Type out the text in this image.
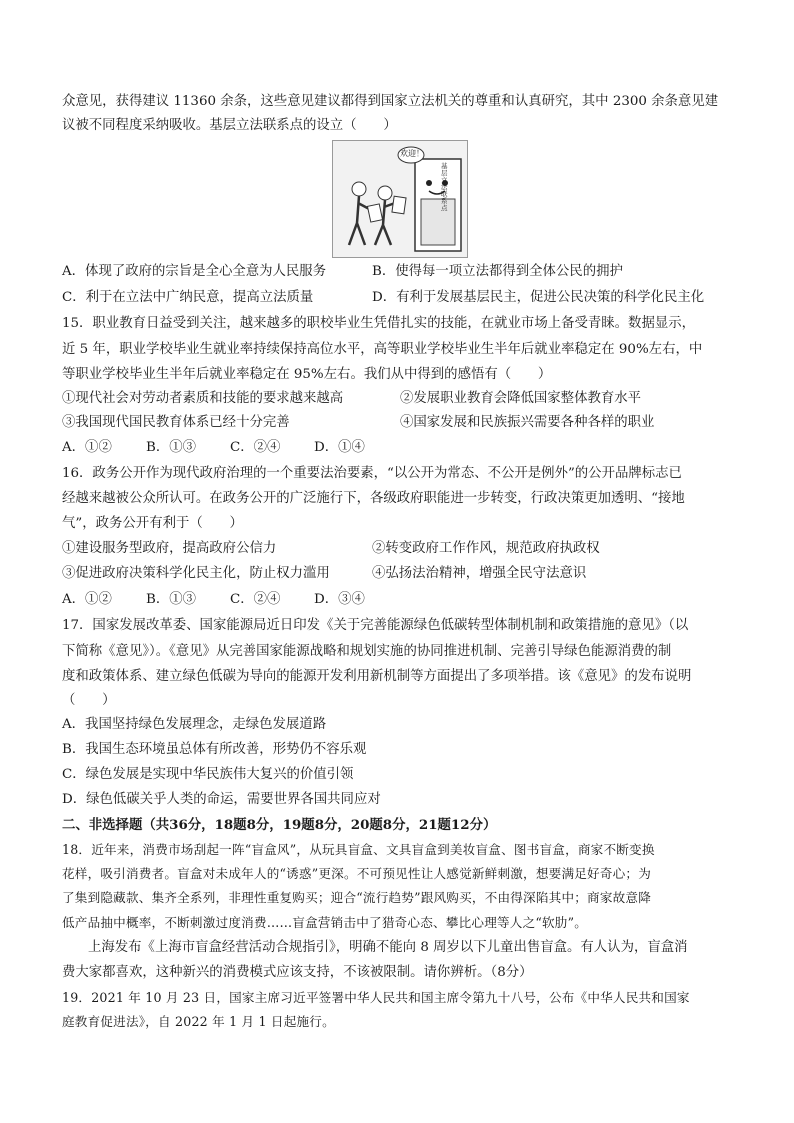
众意见，获得建议 11360 余条，这些意见建议都得到国家立法机关的尊重和认真研究，其中 2300 余条意见建
议被不同程度采纳吸收。基层立法联系点的设立（　　）
欢迎！
基层立法联系点
A．体现了政府的宗旨是全心全意为人民服务	B．使得每一项立法都得到全体公民的拥护
C．利于在立法中广纳民意，提高立法质量	D．有利于发展基层民主，促进公民决策的科学化民主化
15．职业教育日益受到关注，越来越多的职校毕业生凭借扎实的技能，在就业市场上备受青睐。数据显示，
近 5 年，职业学校毕业生就业率持续保持高位水平，高等职业学校毕业生半年后就业率稳定在 90%左右，中
等职业学校毕业生半年后就业率稳定在 95%左右。我们从中得到的感悟有（　　）
①现代社会对劳动者素质和技能的要求越来越高	②发展职业教育会降低国家整体教育水平
③我国现代国民教育体系已经十分完善	④国家发展和民族振兴需要各种各样的职业
A．①②	B．①③	C．②④	D．①④
16．政务公开作为现代政府治理的一个重要法治要素，“以公开为常态、不公开是例外”的公开品牌标志已
经越来越被公众所认可。在政务公开的广泛施行下，各级政府职能进一步转变，行政决策更加透明、“接地
气”，政务公开有利于（　　）
①建设服务型政府，提高政府公信力	②转变政府工作作风，规范政府执政权
③促进政府决策科学化民主化，防止权力滥用	④弘扬法治精神，增强全民守法意识
A．①②	B．①③	C．②④	D．③④
17．国家发展改革委、国家能源局近日印发《关于完善能源绿色低碳转型体制机制和政策措施的意见》（以
下简称《意见》）。《意见》从完善国家能源战略和规划实施的协同推进机制、完善引导绿色能源消费的制
度和政策体系、建立绿色低碳为导向的能源开发利用新机制等方面提出了多项举措。该《意见》的发布说明
（　　）
A．我国坚持绿色发展理念，走绿色发展道路
B．我国生态环境虽总体有所改善，形势仍不容乐观
C．绿色发展是实现中华民族伟大复兴的价值引领
D．绿色低碳关乎人类的命运，需要世界各国共同应对
二、非选择题（共36分，18题8分，19题8分，20题8分，21题12分）
18．近年来，消费市场刮起一阵“盲盒风”，从玩具盲盒、文具盲盒到美妆盲盒、图书盲盒，商家不断变换
花样，吸引消费者。盲盒对未成年人的“诱惑”更深。不可预见性让人感觉新鲜刺激，想要满足好奇心；为
了集到隐藏款、集齐全系列，非理性重复购买；迎合“流行趋势”跟风购买，不由得深陷其中；商家故意降
低产品抽中概率，不断刺激过度消费……盲盒营销击中了猎奇心态、攀比心理等人之“软肋”。
上海发布《上海市盲盒经营活动合规指引》，明确不能向 8 周岁以下儿童出售盲盒。有人认为，盲盒消
费大家都喜欢，这种新兴的消费模式应该支持，不该被限制。请你辨析。（8分）
19．2021 年 10 月 23 日，国家主席习近平签署中华人民共和国主席令第九十八号，公布《中华人民共和国家
庭教育促进法》，自 2022 年 1 月 1 日起施行。
